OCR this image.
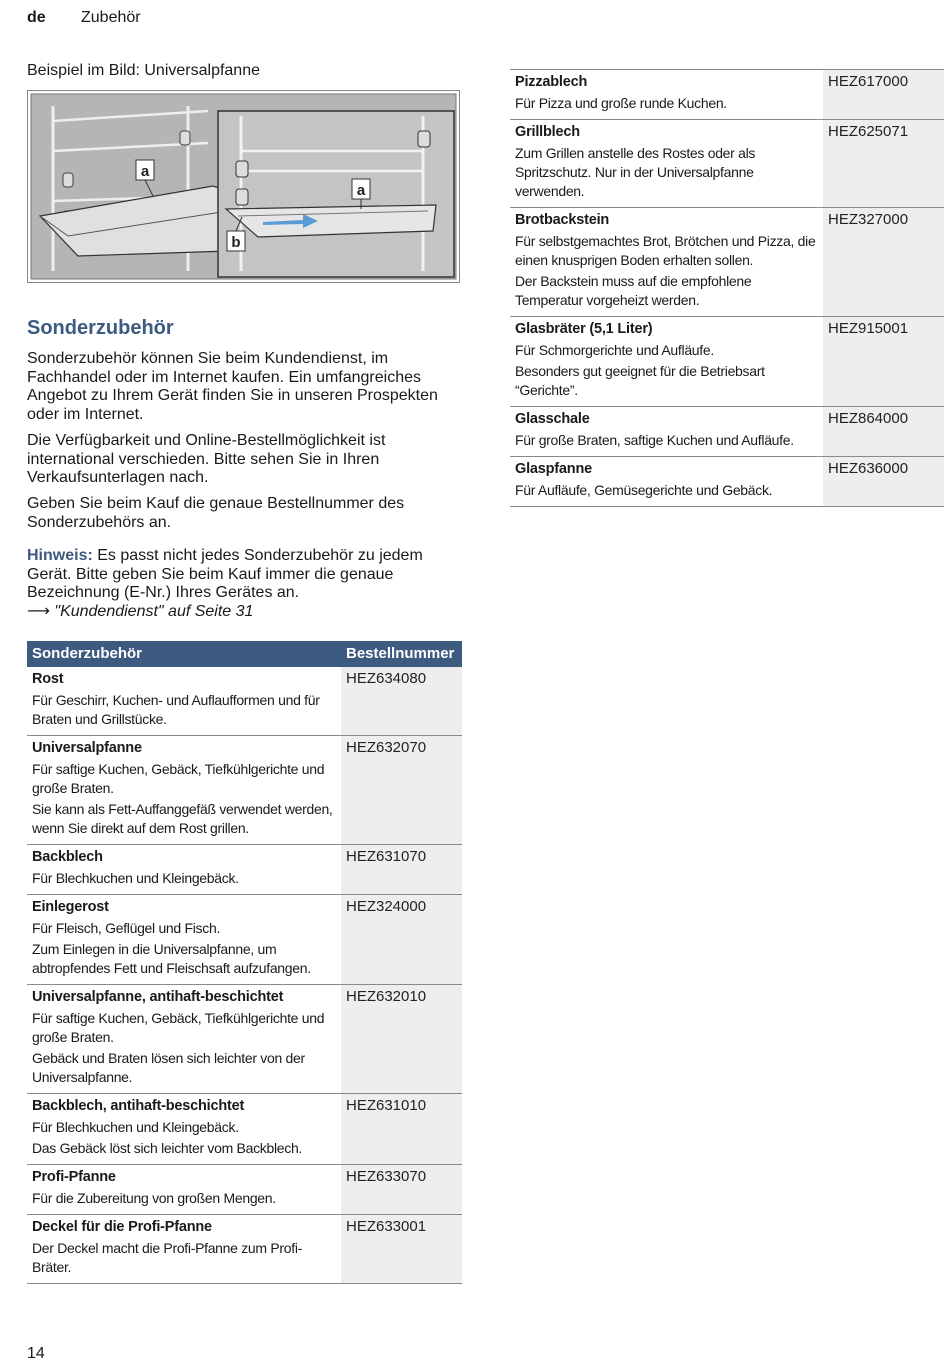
de Zubehör
Beispiel im Bild: Universalpfanne
a
a
b
Sonderzubehör

Sonderzubehör können Sie beim Kundendienst, im Fachhandel oder im Internet kaufen. Ein umfangreiches Angebot zu Ihrem Gerät finden Sie in unseren Prospekten oder im Internet.

Die Verfügbarkeit und Online-Bestellmöglichkeit ist international verschieden. Bitte sehen Sie in Ihren Verkaufsunterlagen nach.

Geben Sie beim Kauf die genaue Bestellnummer des Sonderzubehörs an.

Hinweis: Es passt nicht jedes Sonderzubehör zu jedem Gerät. Bitte geben Sie beim Kauf immer die genaue Bezeichnung (E-Nr.) Ihres Gerätes an.
⟶ "Kundendienst" auf Seite 31

Sonderzubehör	Bestellnummer

Rost
Für Geschirr, Kuchen- und Auflaufformen und für Braten und Grillstücke.	HEZ634080

Universalpfanne
Für saftige Kuchen, Gebäck, Tiefkühlgerichte und große Braten.
Sie kann als Fett-Auffanggefäß verwendet werden, wenn Sie direkt auf dem Rost grillen.	HEZ632070

Backblech
Für Blechkuchen und Kleingebäck.	HEZ631070

Einlegerost
Für Fleisch, Geflügel und Fisch.
Zum Einlegen in die Universalpfanne, um abtropfendes Fett und Fleischsaft aufzufangen.	HEZ324000

Universalpfanne, antihaft-beschichtet
Für saftige Kuchen, Gebäck, Tiefkühlgerichte und große Braten.
Gebäck und Braten lösen sich leichter von der Universalpfanne.	HEZ632010

Backblech, antihaft-beschichtet
Für Blechkuchen und Kleingebäck.
Das Gebäck löst sich leichter vom Backblech.	HEZ631010

Profi-Pfanne
Für die Zubereitung von großen Mengen.	HEZ633070

Deckel für die Profi-Pfanne
Der Deckel macht die Profi-Pfanne zum Profi-Bräter.	HEZ633001
Pizzablech
Für Pizza und große runde Kuchen.	HEZ617000

Grillblech
Zum Grillen anstelle des Rostes oder als Spritzschutz. Nur in der Universalpfanne verwenden.	HEZ625071

Brotbackstein
Für selbstgemachtes Brot, Brötchen und Pizza, die einen knusprigen Boden erhalten sollen.
Der Backstein muss auf die empfohlene Temperatur vorgeheizt werden.	HEZ327000

Glasbräter (5,1 Liter)
Für Schmorgerichte und Aufläufe.
Besonders gut geeignet für die Betriebsart “Gerichte”.	HEZ915001

Glasschale
Für große Braten, saftige Kuchen und Aufläufe.	HEZ864000

Glaspfanne
Für Aufläufe, Gemüsegerichte und Gebäck.	HEZ636000
14
